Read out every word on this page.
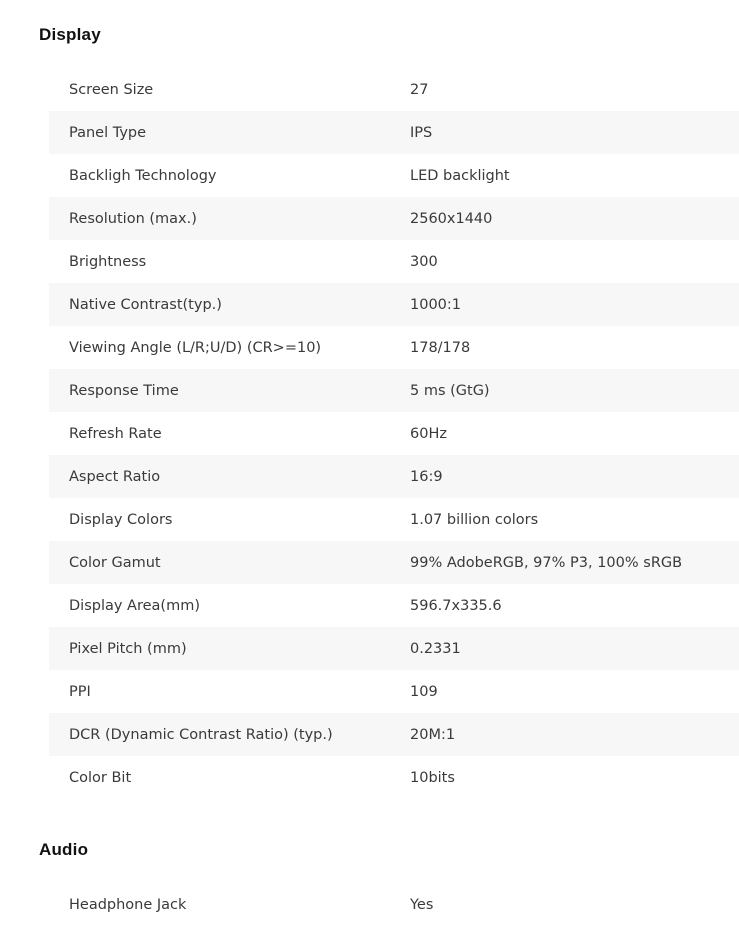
Display
Screen Size	27
Panel Type	IPS
Backligh Technology	LED backlight
Resolution (max.)	2560x1440
Brightness	300
Native Contrast(typ.)	1000:1
Viewing Angle (L/R;U/D) (CR>=10)	178/178
Response Time	5 ms (GtG)
Refresh Rate	60Hz
Aspect Ratio	16:9
Display Colors	1.07 billion colors
Color Gamut	99% AdobeRGB, 97% P3, 100% sRGB
Display Area(mm)	596.7x335.6
Pixel Pitch (mm)	0.2331
PPI	109
DCR (Dynamic Contrast Ratio) (typ.)	20M:1
Color Bit	10bits
Audio
Headphone Jack	Yes
